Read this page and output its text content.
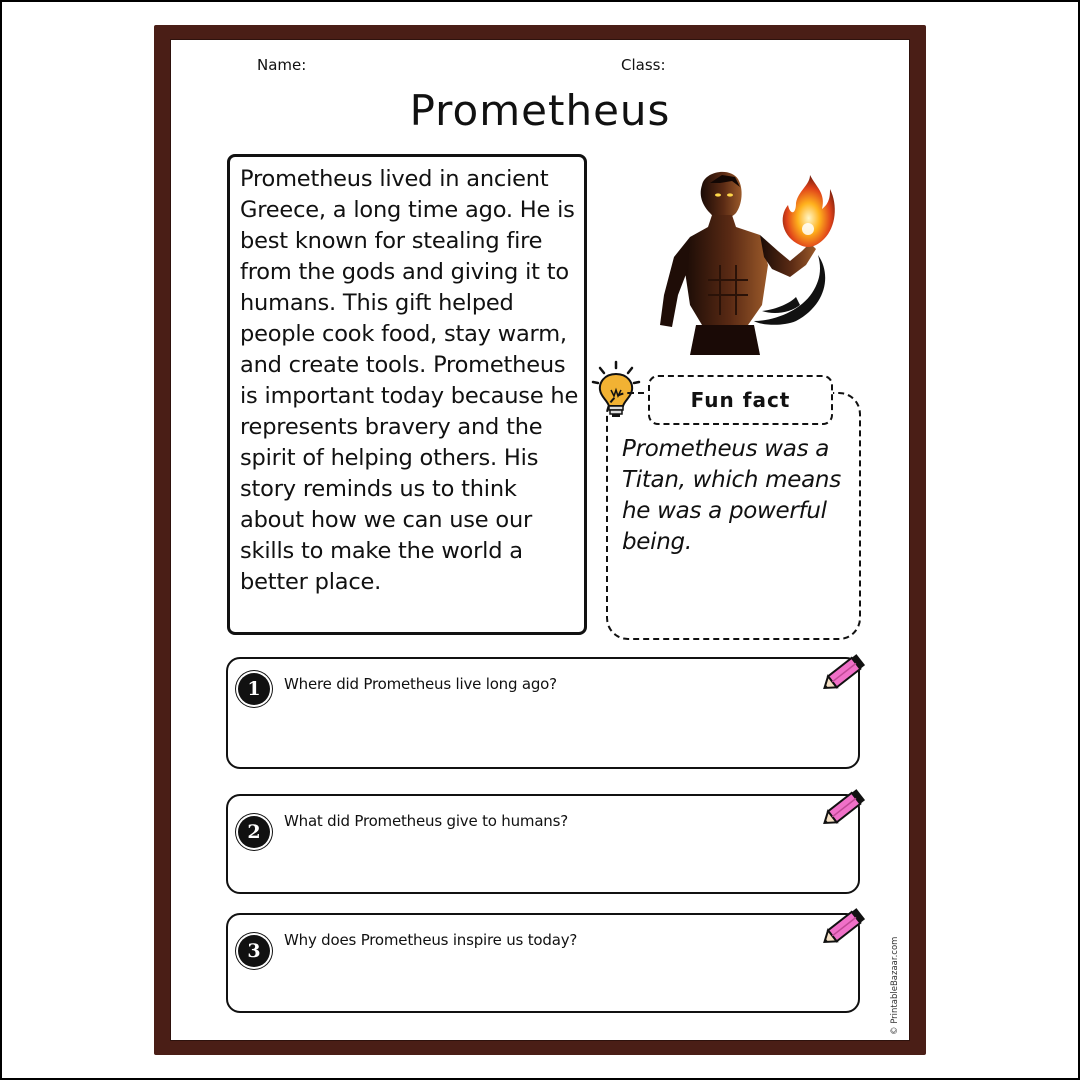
Name:	Class:
Prometheus
Prometheus lived in ancient Greece, a long time ago. He is best known for stealing fire from the gods and giving it to humans. This gift helped people cook food, stay warm, and create tools. Prometheus is important today because he represents bravery and the spirit of helping others. His story reminds us to think about how we can use our skills to make the world a better place.
Fun fact
Prometheus was a Titan, which means he was a powerful being.
1	Where did Prometheus live long ago?
2	What did Prometheus give to humans?
3	Why does Prometheus inspire us today?	© PrintableBazaar.com
